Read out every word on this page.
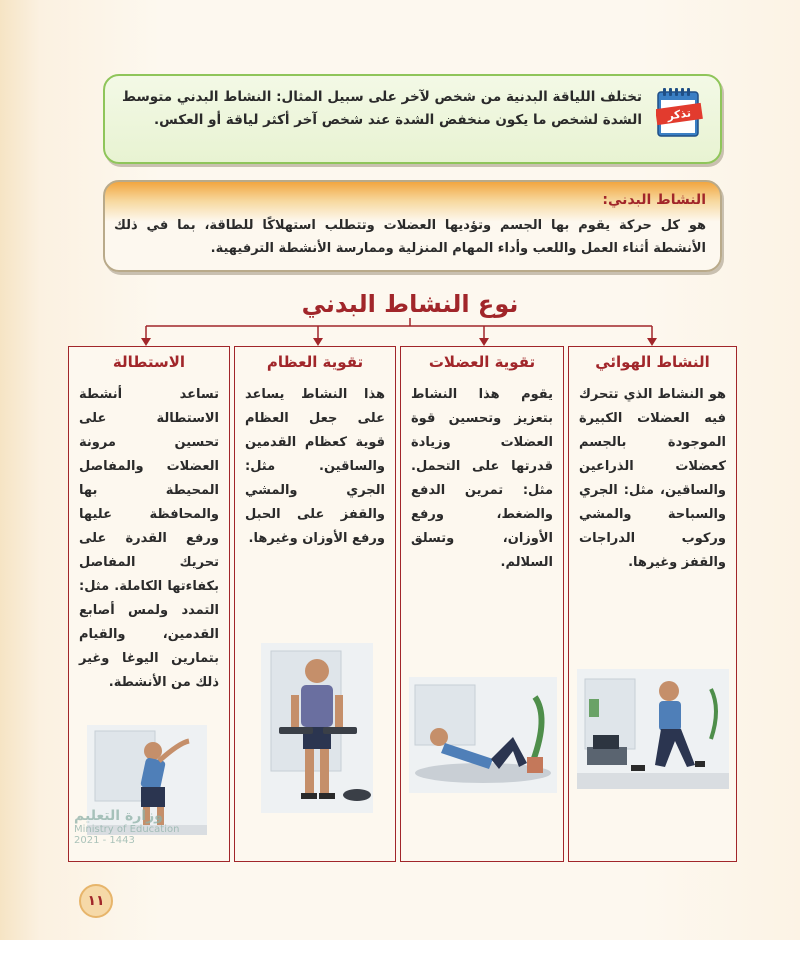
تذكر

تختلف اللياقة البدنية من شخص لآخر على سبيل المثال: النشاط البدني متوسط الشدة لشخص ما يكون منخفض الشدة عند شخص آخر أكثر لياقة أو العكس.

النشاط البدني:

هو كل حركة يقوم بها الجسم وتؤديها العضلات وتتطلب استهلاكًا للطاقة، بما في ذلك الأنشطة أثناء العمل واللعب وأداء المهام المنزلية وممارسة الأنشطة الترفيهية.

نوع النشاط البدني
النشاط الهوائي

هو النشاط الذي تتحرك فيه العضلات الكبيرة الموجودة بالجسم كعضلات الذراعين والساقين، مثل: الجري والسباحة والمشي وركوب الدراجات والقفز وغيرها.

تقوية العضلات

يقوم هذا النشاط بتعزيز وتحسين قوة العضلات وزيادة قدرتها على التحمل. مثل: تمرين الدفع والضغط، ورفع الأوزان، وتسلق السلالم.

تقوية العظام

هذا النشاط يساعد على جعل العظام قوية كعظام القدمين والساقين. مثل: الجري والمشي والقفز على الحبل ورفع الأوزان وغيرها.

الاستطالة

تساعد أنشطة الاستطالة على تحسين مرونة العضلات والمفاصل المحيطة بها والمحافظة عليها ورفع القدرة على تحريك المفاصل بكفاءتها الكاملة. مثل: التمدد ولمس أصابع القدمين، والقيام بتمارين اليوغا وغير ذلك من الأنشطة.

وزارة التعليم
Ministry of Education
2021 - 1443
١١
